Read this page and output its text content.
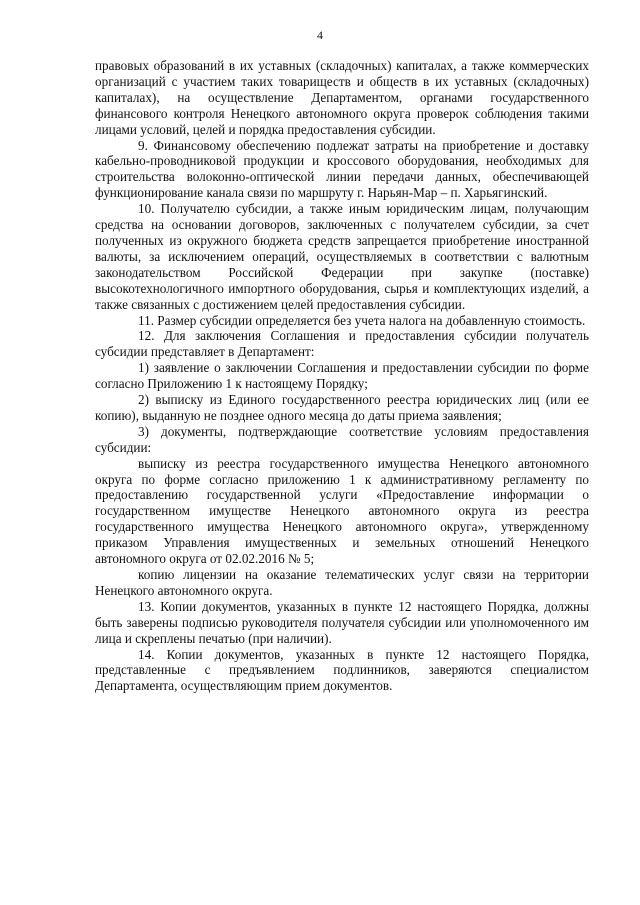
4

правовых образований в их уставных (складочных) капиталах, а также коммерческих организаций с участием таких товариществ и обществ в их уставных (складочных) капиталах), на осуществление Департаментом, органами государственного финансового контроля Ненецкого автономного округа проверок соблюдения такими лицами условий, целей и порядка предоставления субсидии.

9. Финансовому обеспечению подлежат затраты на приобретение и доставку кабельно-проводниковой продукции и кроссового оборудования, необходимых для строительства волоконно-оптической линии передачи данных, обеспечивающей функционирование канала связи по маршруту г. Нарьян-Мар – п. Харьягинский.

10. Получателю субсидии, а также иным юридическим лицам, получающим средства на основании договоров, заключенных с получателем субсидии, за счет полученных из окружного бюджета средств запрещается приобретение иностранной валюты, за исключением операций, осуществляемых в соответствии с валютным законодательством Российской Федерации при закупке (поставке) высокотехнологичного импортного оборудования, сырья и комплектующих изделий, а также связанных с достижением целей предоставления субсидии.

11. Размер субсидии определяется без учета налога на добавленную стоимость.

12. Для заключения Соглашения и предоставления субсидии получатель субсидии представляет в Департамент:

1) заявление о заключении Соглашения и предоставлении субсидии по форме согласно Приложению 1 к настоящему Порядку;

2) выписку из Единого государственного реестра юридических лиц (или ее копию), выданную не позднее одного месяца до даты приема заявления;

3) документы, подтверждающие соответствие условиям предоставления субсидии:

выписку из реестра государственного имущества Ненецкого автономного округа по форме согласно приложению 1 к административному регламенту по предоставлению государственной услуги «Предоставление информации о государственном имуществе Ненецкого автономного округа из реестра государственного имущества Ненецкого автономного округа», утвержденному приказом Управления имущественных и земельных отношений Ненецкого автономного округа от 02.02.2016 № 5;

копию лицензии на оказание телематических услуг связи на территории Ненецкого автономного округа.

13. Копии документов, указанных в пункте 12 настоящего Порядка, должны быть заверены подписью руководителя получателя субсидии или уполномоченного им лица и скреплены печатью (при наличии).

14. Копии документов, указанных в пункте 12 настоящего Порядка, представленные с предъявлением подлинников, заверяются специалистом Департамента, осуществляющим прием документов.
